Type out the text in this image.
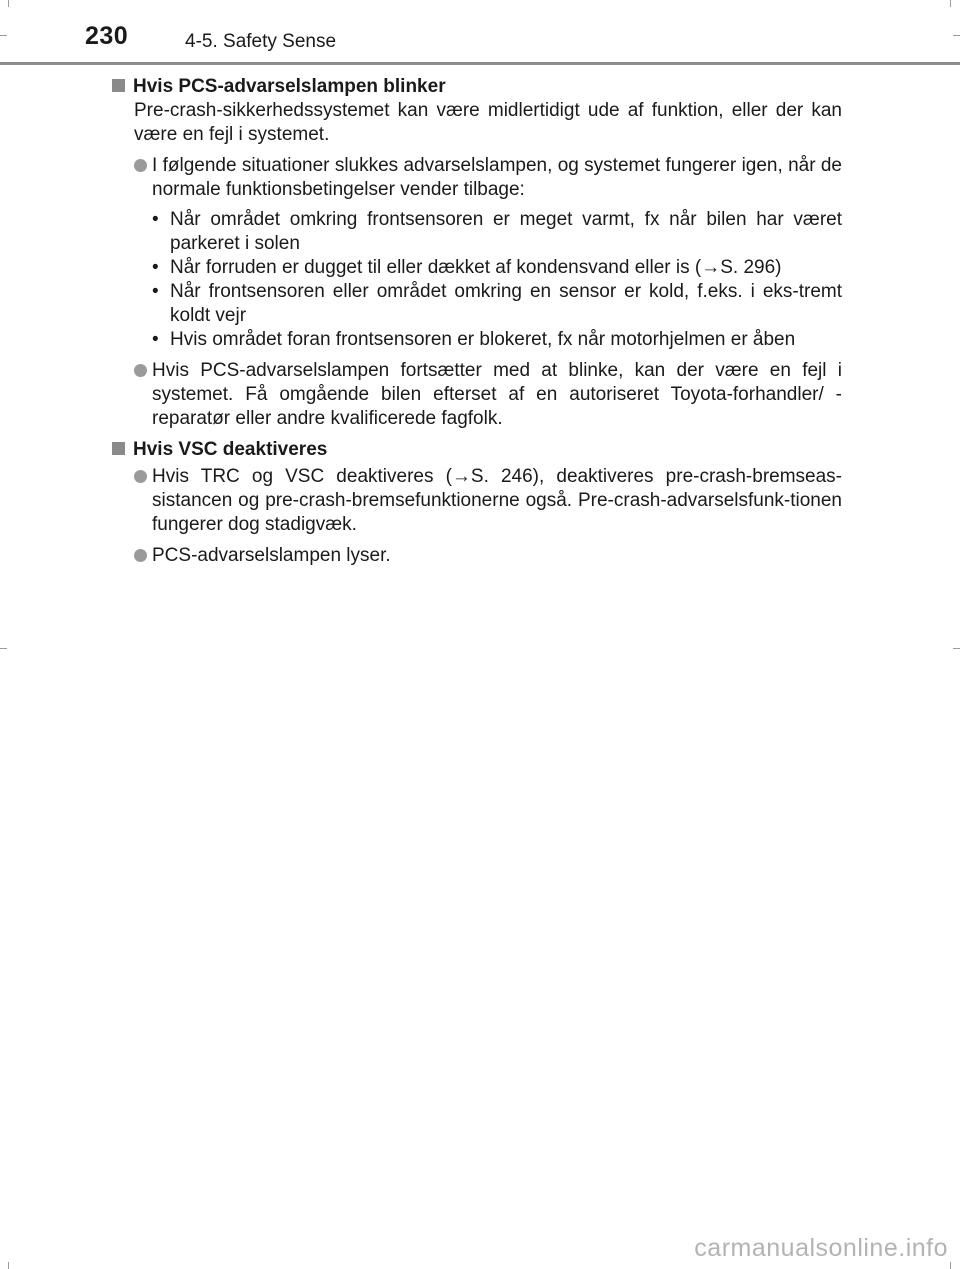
230	4-5. Safety Sense
Hvis PCS-advarselslampen blinker
Pre-crash-sikkerhedssystemet kan være midlertidigt ude af funktion, eller der kan være en fejl i systemet.
I følgende situationer slukkes advarselslampen, og systemet fungerer igen, når de normale funktionsbetingelser vender tilbage:
• Når området omkring frontsensoren er meget varmt, fx når bilen har været parkeret i solen
• Når forruden er dugget til eller dækket af kondensvand eller is (→S. 296)
• Når frontsensoren eller området omkring en sensor er kold, f.eks. i eks-tremt koldt vejr
• Hvis området foran frontsensoren er blokeret, fx når motorhjelmen er åben
Hvis PCS-advarselslampen fortsætter med at blinke, kan der være en fejl i systemet. Få omgående bilen efterset af en autoriseret Toyota-forhandler/ -reparatør eller andre kvalificerede fagfolk.
Hvis VSC deaktiveres
Hvis TRC og VSC deaktiveres (→S. 246), deaktiveres pre-crash-bremseas-sistancen og pre-crash-bremsefunktionerne også. Pre-crash-advarselsfunk-tionen fungerer dog stadigvæk.
PCS-advarselslampen lyser.
carmanualsonline.info
